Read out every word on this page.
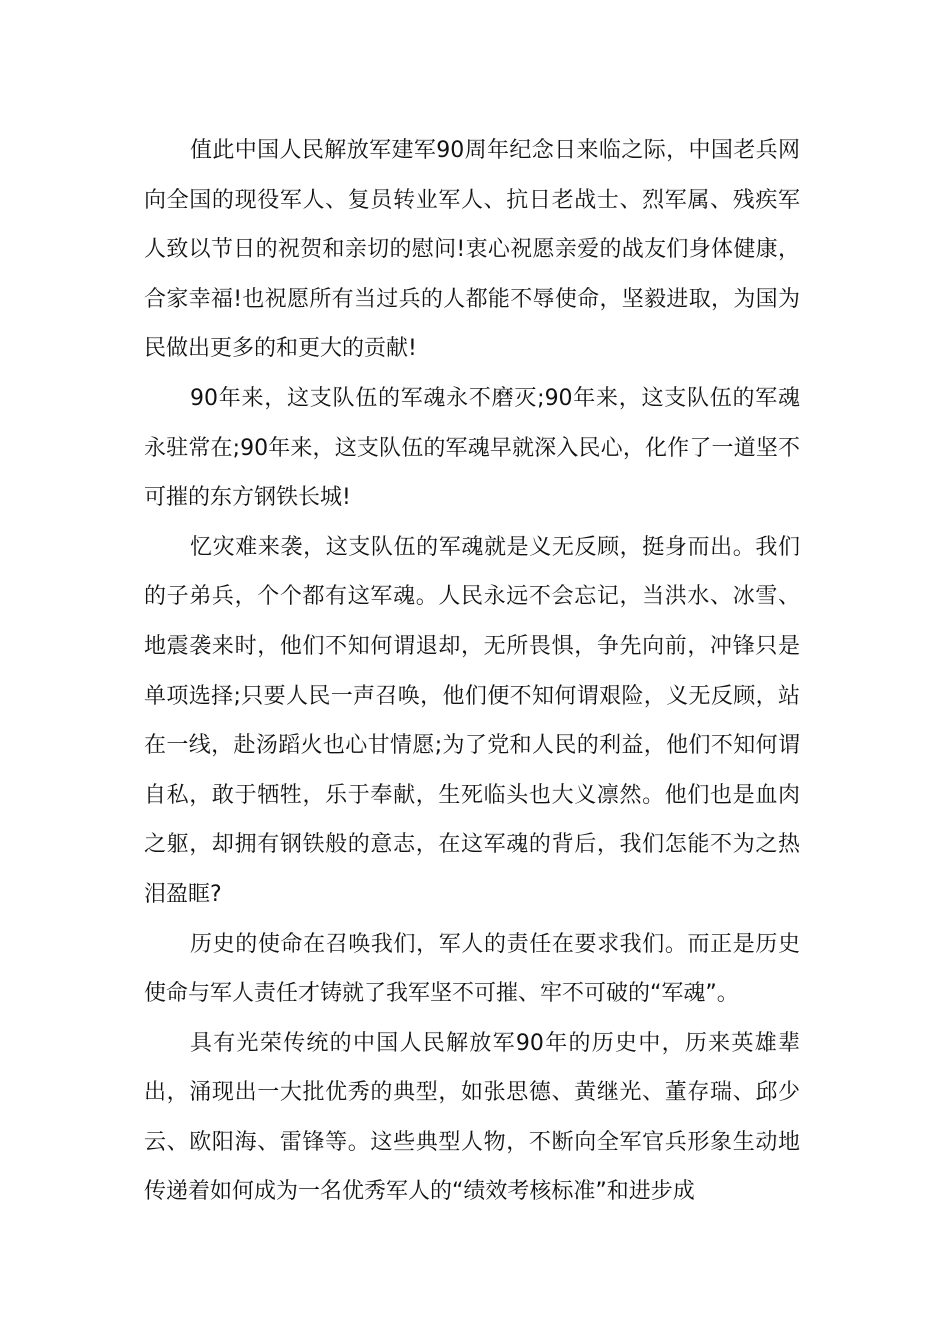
值此中国人民解放军建军90周年纪念日来临之际，中国老兵网向全国的现役军人、复员转业军人、抗日老战士、烈军属、残疾军人致以节日的祝贺和亲切的慰问!衷心祝愿亲爱的战友们身体健康，合家幸福!也祝愿所有当过兵的人都能不辱使命，坚毅进取，为国为民做出更多的和更大的贡献!

90年来，这支队伍的军魂永不磨灭;90年来，这支队伍的军魂永驻常在;90年来，这支队伍的军魂早就深入民心，化作了一道坚不可摧的东方钢铁长城!

忆灾难来袭，这支队伍的军魂就是义无反顾，挺身而出。我们的子弟兵，个个都有这军魂。人民永远不会忘记，当洪水、冰雪、地震袭来时，他们不知何谓退却，无所畏惧，争先向前，冲锋只是单项选择;只要人民一声召唤，他们便不知何谓艰险，义无反顾，站在一线，赴汤蹈火也心甘情愿;为了党和人民的利益，他们不知何谓自私，敢于牺牲，乐于奉献，生死临头也大义凛然。他们也是血肉之躯，却拥有钢铁般的意志，在这军魂的背后，我们怎能不为之热泪盈眶?

历史的使命在召唤我们，军人的责任在要求我们。而正是历史使命与军人责任才铸就了我军坚不可摧、牢不可破的“军魂”。

具有光荣传统的中国人民解放军90年的历史中，历来英雄辈出，涌现出一大批优秀的典型，如张思德、黄继光、董存瑞、邱少云、欧阳海、雷锋等。这些典型人物，不断向全军官兵形象生动地传递着如何成为一名优秀军人的“绩效考核标准”和进步成
